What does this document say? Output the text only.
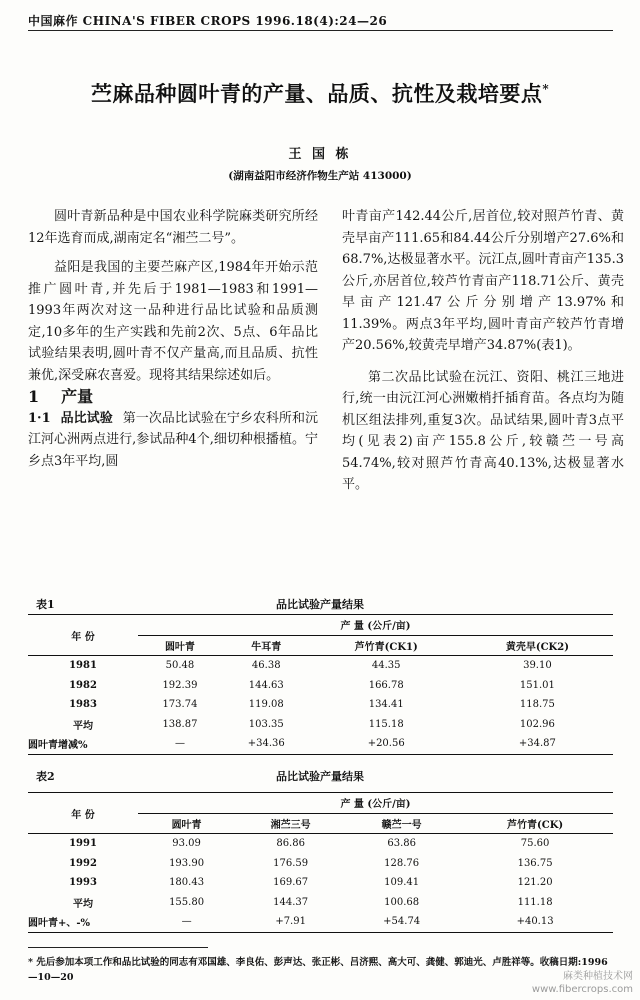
中国麻作 CHINA'S FIBER CROPS 1996.18(4):24—26
苎麻品种圆叶青的产量、品质、抗性及栽培要点*
王 国 栋
(湖南益阳市经济作物生产站 413000)

圆叶青新品种是中国农业科学院麻类研究所经12年选育而成,湖南定名“湘苎二号”。

益阳是我国的主要苎麻产区,1984年开始示范推广圆叶青,并先后于1981—1983和1991—1993年两次对这一品种进行品比试验和品质测定,10多年的生产实践和先前2次、5点、6年品比试验结果表明,圆叶青不仅产量高,而且品质、抗性兼优,深受麻农喜爱。现将其结果综述如后。

1 产量

1·1 品比试验 第一次品比试验在宁乡农科所和沅江河心洲两点进行,参试品种4个,细切种根播植。宁乡点3年平均,圆

叶青亩产142.44公斤,居首位,较对照芦竹青、黄壳早亩产111.65和84.44公斤分别增产27.6%和68.7%,达极显著水平。沅江点,圆叶青亩产135.3公斤,亦居首位,较芦竹青亩产118.71公斤、黄壳早亩产121.47公斤分别增产13.97%和11.39%。两点3年平均,圆叶青亩产较芦竹青增产20.56%,较黄壳早增产34.87%(表1)。

第二次品比试验在沅江、资阳、桃江三地进行,统一由沅江河心洲嫩梢扦插育苗。各点均为随机区组法排列,重复3次。品试结果,圆叶青3点平均(见表2)亩产155.8公斤,较赣苎一号高54.74%,较对照芦竹青高40.13%,达极显著水平。

表1	品比试验产量结果
年 份	产 量 (公斤/亩)			
	圆叶青	牛耳青	芦竹青(CK1)	黄壳早(CK2)
1981	50.48	46.38	44.35	39.10
1982	192.39	144.63	166.78	151.01
1983	173.74	119.08	134.41	118.75
平均	138.87	103.35	115.18	102.96
圆叶青增减%	—	+34.36	+20.56	+34.87
表2	品比试验产量结果
年 份	产 量 (公斤/亩)			
	圆叶青	湘苎三号	赣苎一号	芦竹青(CK)
1991	93.09	86.86	63.86	75.60
1992	193.90	176.59	128.76	136.75
1993	180.43	169.67	109.41	121.20
平均	155.80	144.37	100.68	111.18
圆叶青+、-%	—	+7.91	+54.74	+40.13
* 先后参加本项工作和品比试验的同志有邓国雄、李良佑、彭声达、张正彬、吕济熙、高大可、龚健、郭迪光、卢胜祥等。收稿日期:1996—10—20	麻类种植技术网
www.fibercrops.com
